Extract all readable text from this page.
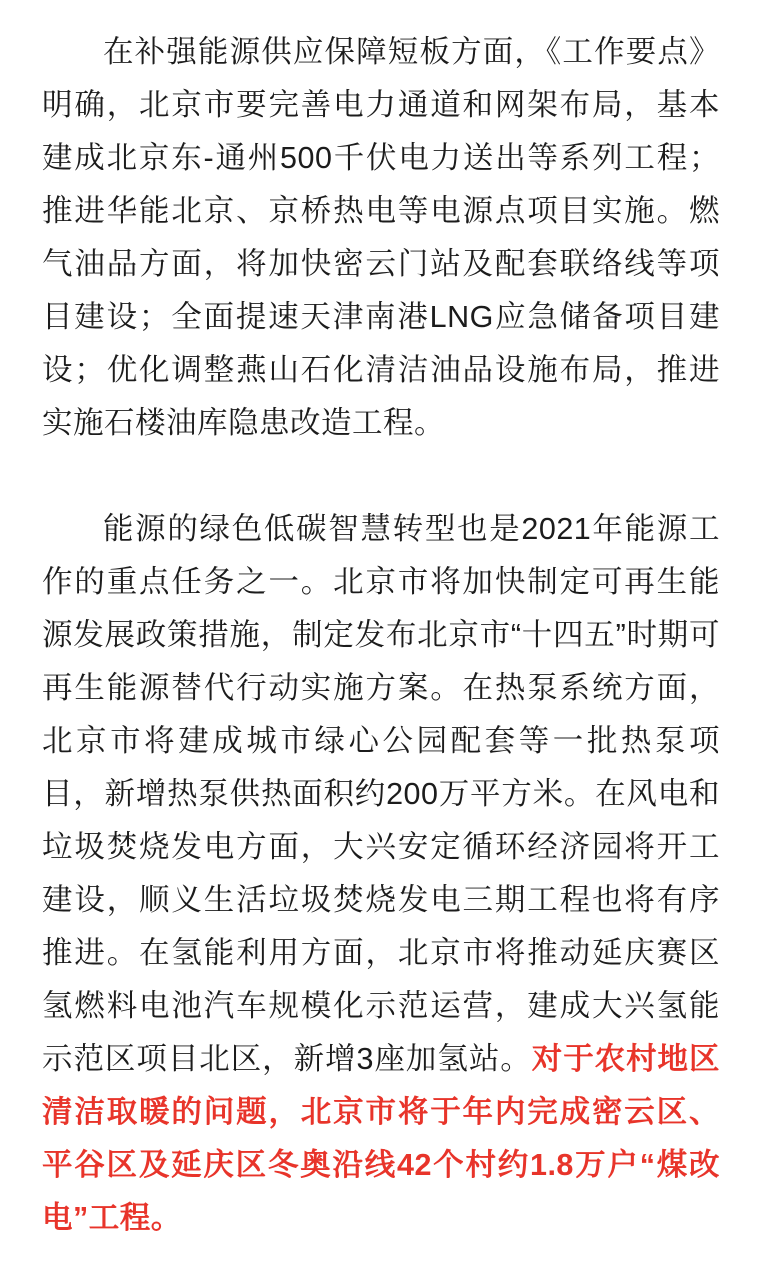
在补强能源供应保障短板方面，《工作要点》明确，北京市要完善电力通道和网架布局，基本建成北京东-通州500千伏电力送出等系列工程；推进华能北京、京桥热电等电源点项目实施。燃气油品方面，将加快密云门站及配套联络线等项目建设；全面提速天津南港LNG应急储备项目建设；优化调整燕山石化清洁油品设施布局，推进实施石楼油库隐患改造工程。

能源的绿色低碳智慧转型也是2021年能源工作的重点任务之一。北京市将加快制定可再生能源发展政策措施，制定发布北京市“十四五”时期可再生能源替代行动实施方案。在热泵系统方面，北京市将建成城市绿心公园配套等一批热泵项目，新增热泵供热面积约200万平方米。在风电和垃圾焚烧发电方面，大兴安定循环经济园将开工建设，顺义生活垃圾焚烧发电三期工程也将有序推进。在氢能利用方面，北京市将推动延庆赛区氢燃料电池汽车规模化示范运营，建成大兴氢能示范区项目北区，新增3座加氢站。对于农村地区清洁取暖的问题，北京市将于年内完成密云区、平谷区及延庆区冬奥沿线42个村约1.8万户“煤改电”工程。
